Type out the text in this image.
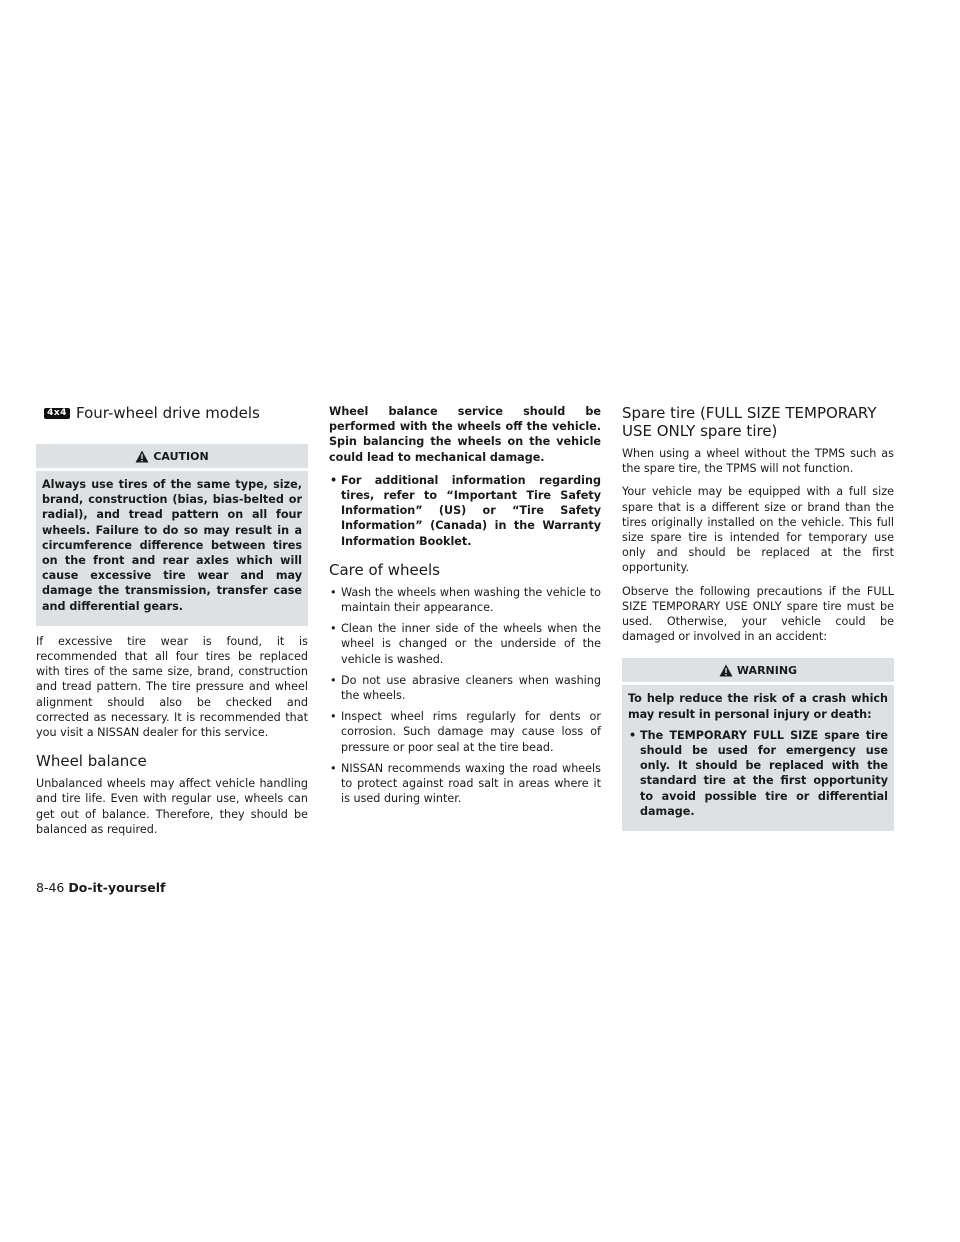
4x4 Four-wheel drive models
CAUTION

Always use tires of the same type, size, brand, construction (bias, bias-belted or radial), and tread pattern on all four wheels. Failure to do so may result in a circumference difference between tires on the front and rear axles which will cause excessive tire wear and may damage the transmission, transfer case and differential gears.

If excessive tire wear is found, it is recommended that all four tires be replaced with tires of the same size, brand, construction and tread pattern. The tire pressure and wheel alignment should also be checked and corrected as necessary. It is recommended that you visit a NISSAN dealer for this service.

Wheel balance

Unbalanced wheels may affect vehicle handling and tire life. Even with regular use, wheels can get out of balance. Therefore, they should be balanced as required.

Wheel balance service should be performed with the wheels off the vehicle. Spin balancing the wheels on the vehicle could lead to mechanical damage.

• For additional information regarding tires, refer to “Important Tire Safety Information” (US) or “Tire Safety Information” (Canada) in the Warranty Information Booklet.
Care of wheels
• Wash the wheels when washing the vehicle to maintain their appearance.
• Clean the inner side of the wheels when the wheel is changed or the underside of the vehicle is washed.
• Do not use abrasive cleaners when washing the wheels.
• Inspect wheel rims regularly for dents or corrosion. Such damage may cause loss of pressure or poor seal at the tire bead.
• NISSAN recommends waxing the road wheels to protect against road salt in areas where it is used during winter.
Spare tire (FULL SIZE TEMPORARY USE ONLY spare tire)

When using a wheel without the TPMS such as the spare tire, the TPMS will not function.

Your vehicle may be equipped with a full size spare that is a different size or brand than the tires originally installed on the vehicle. This full size spare tire is intended for temporary use only and should be replaced at the first opportunity.

Observe the following precautions if the FULL SIZE TEMPORARY USE ONLY spare tire must be used. Otherwise, your vehicle could be damaged or involved in an accident:

WARNING

To help reduce the risk of a crash which may result in personal injury or death:

• The TEMPORARY FULL SIZE spare tire should be used for emergency use only. It should be replaced with the standard tire at the first opportunity to avoid possible tire or differential damage.
8-46 Do-it-yourself
